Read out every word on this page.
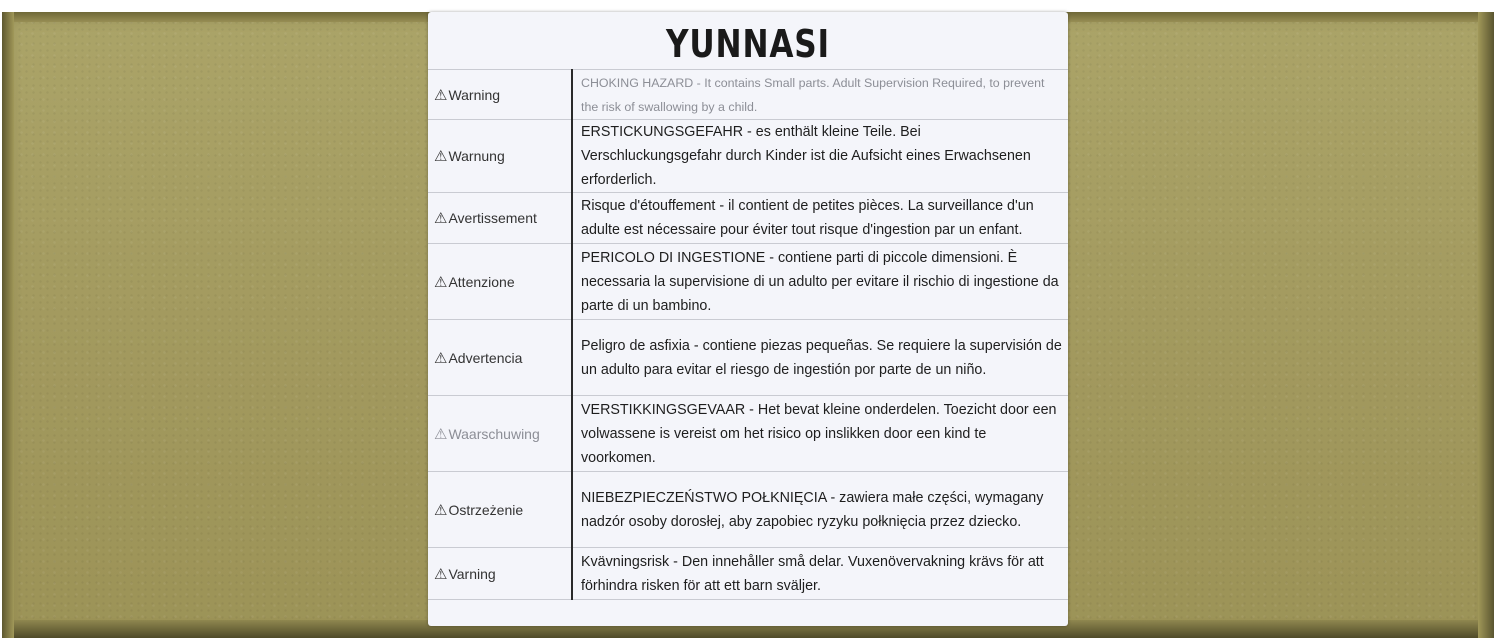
YUNNASI
⚠Warning	CHOKING HAZARD - It contains Small parts. Adult Supervision Required, to prevent the risk of swallowing by a child.
⚠Warnung	ERSTICKUNGSGEFAHR - es enthält kleine Teile. Bei Verschluckungsgefahr durch Kinder ist die Aufsicht eines Erwachsenen erforderlich.
⚠Avertissement	Risque d'étouffement - il contient de petites pièces. La surveillance d'un adulte est nécessaire pour éviter tout risque d'ingestion par un enfant.
⚠Attenzione	PERICOLO DI INGESTIONE - contiene parti di piccole dimensioni. È necessaria la supervisione di un adulto per evitare il rischio di ingestione da parte di un bambino.
⚠Advertencia	Peligro de asfixia - contiene piezas pequeñas. Se requiere la supervisión de un adulto para evitar el riesgo de ingestión por parte de un niño.
⚠Waarschuwing	VERSTIKKINGSGEVAAR - Het bevat kleine onderdelen. Toezicht door een volwassene is vereist om het risico op inslikken door een kind te voorkomen.
⚠Ostrzeżenie	NIEBEZPIECZEŃSTWO POŁKNIĘCIA - zawiera małe części, wymagany nadzór osoby dorosłej, aby zapobiec ryzyku połknięcia przez dziecko.
⚠Varning	Kvävningsrisk - Den innehåller små delar. Vuxenövervakning krävs för att förhindra risken för att ett barn sväljer.
